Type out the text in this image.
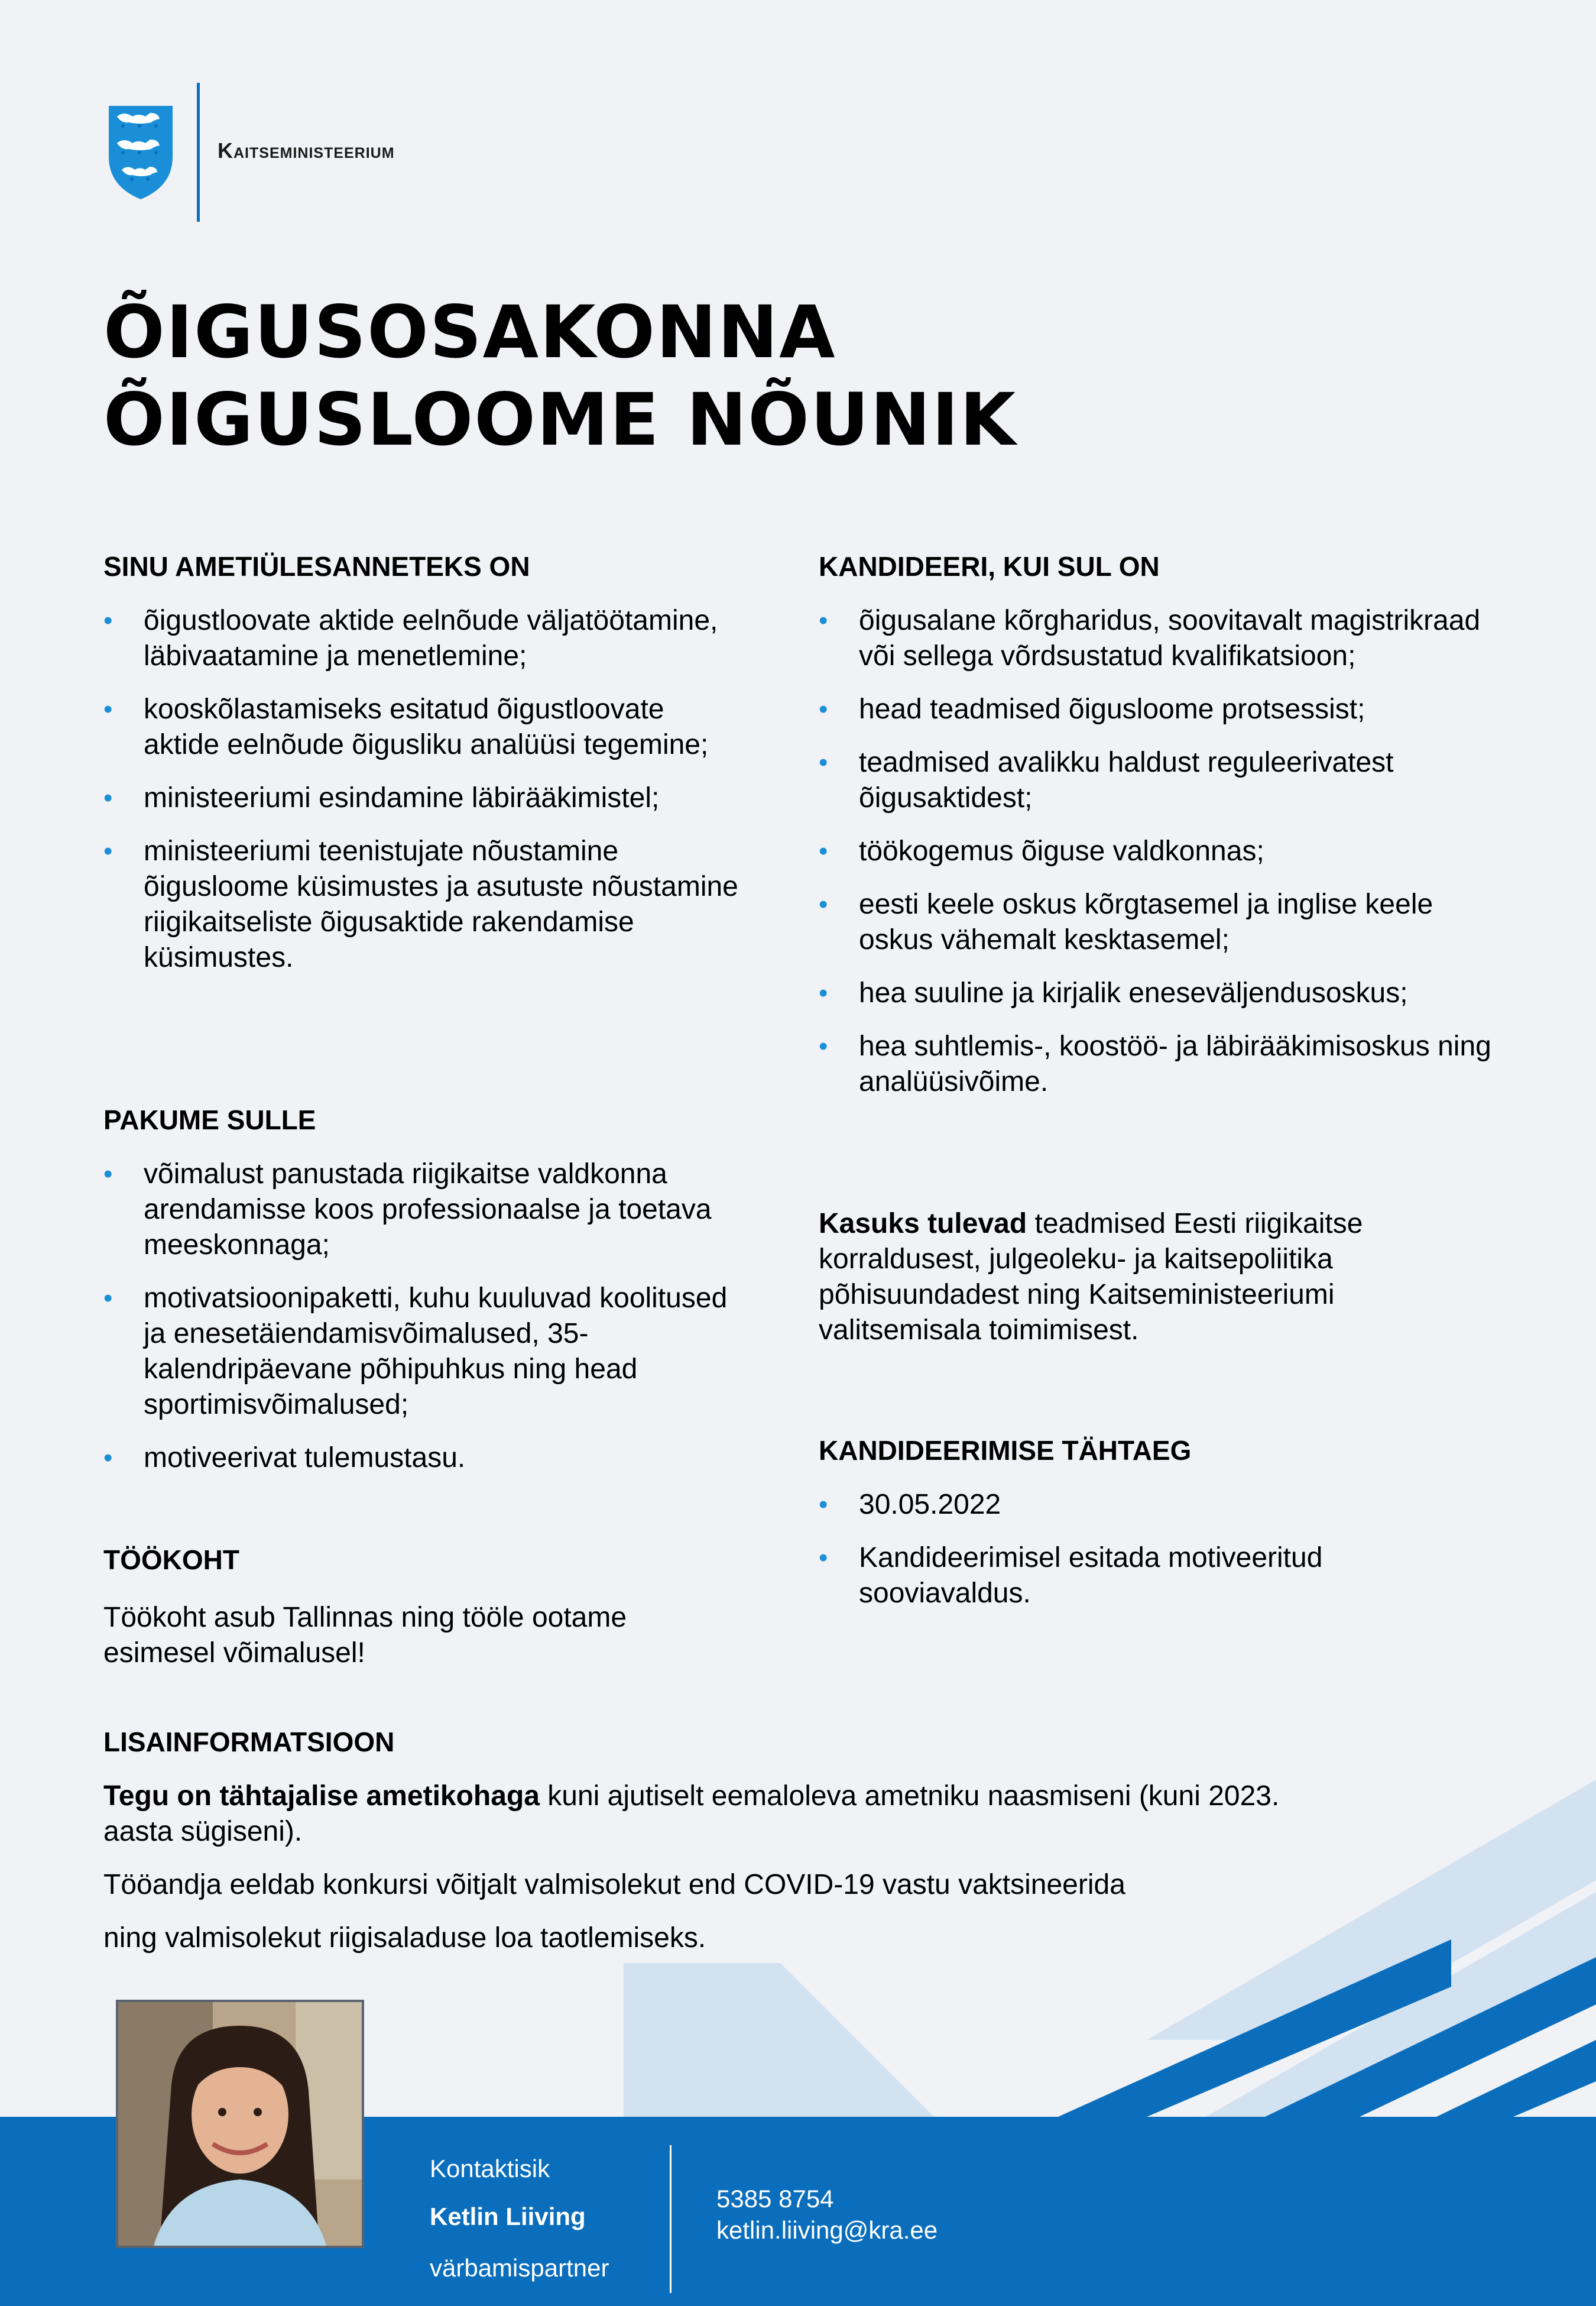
Kaitseministeerium
ÕIGUSOSAKONNA
ÕIGUSLOOME NÕUNIK
SINU AMETIÜLESANNETEKS ON
• õigustloovate aktide eelnõude väljatöötamine, läbivaatamine ja menetlemine;
• kooskõlastamiseks esitatud õigustloovate aktide eelnõude õigusliku analüüsi tegemine;
• ministeeriumi esindamine läbirääkimistel;
• ministeeriumi teenistujate nõustamine õigusloome küsimustes ja asutuste nõustamine riigikaitseliste õigusaktide rakendamise küsimustes.
PAKUME SULLE
• võimalust panustada riigikaitse valdkonna arendamisse koos professionaalse ja toetava meeskonnaga;
• motivatsioonipaketti, kuhu kuuluvad koolitused ja enesetäiendamisvõimalused, 35-kalendripäevane põhipuhkus ning head sportimisvõimalused;
• motiveerivat tulemustasu.
TÖÖKOHT

Töökoht asub Tallinnas ning tööle ootame esimesel võimalusel!

KANDIDEERI, KUI SUL ON
• õigusalane kõrgharidus, soovitavalt magistrikraad või sellega võrdsustatud kvalifikatsioon;
• head teadmised õigusloome protsessist;
• teadmised avalikku haldust reguleerivatest õigusaktidest;
• töökogemus õiguse valdkonnas;
• eesti keele oskus kõrgtasemel ja inglise keele oskus vähemalt kesktasemel;
• hea suuline ja kirjalik eneseväljendusoskus;
• hea suhtlemis-, koostöö- ja läbirääkimisoskus ning analüüsivõime.

Kasuks tulevad teadmised Eesti riigikaitse korraldusest, julgeoleku- ja kaitsepoliitika põhisuundadest ning Kaitseministeeriumi valitsemisala toimimisest.

KANDIDEERIMISE TÄHTAEG
• 30.05.2022
• Kandideerimisel esitada motiveeritud sooviavaldus.
LISAINFORMATSIOON

Tegu on tähtajalise ametikohaga kuni ajutiselt eemaloleva ametniku naasmiseni (kuni 2023. aasta sügiseni).

Tööandja eeldab konkursi võitjalt valmisolekut end COVID-19 vastu vaktsineerida

ning valmisolekut riigisaladuse loa taotlemiseks.

Kontaktisik
Ketlin Liiving
värbamispartner
5385 8754
ketlin.liiving@kra.ee
